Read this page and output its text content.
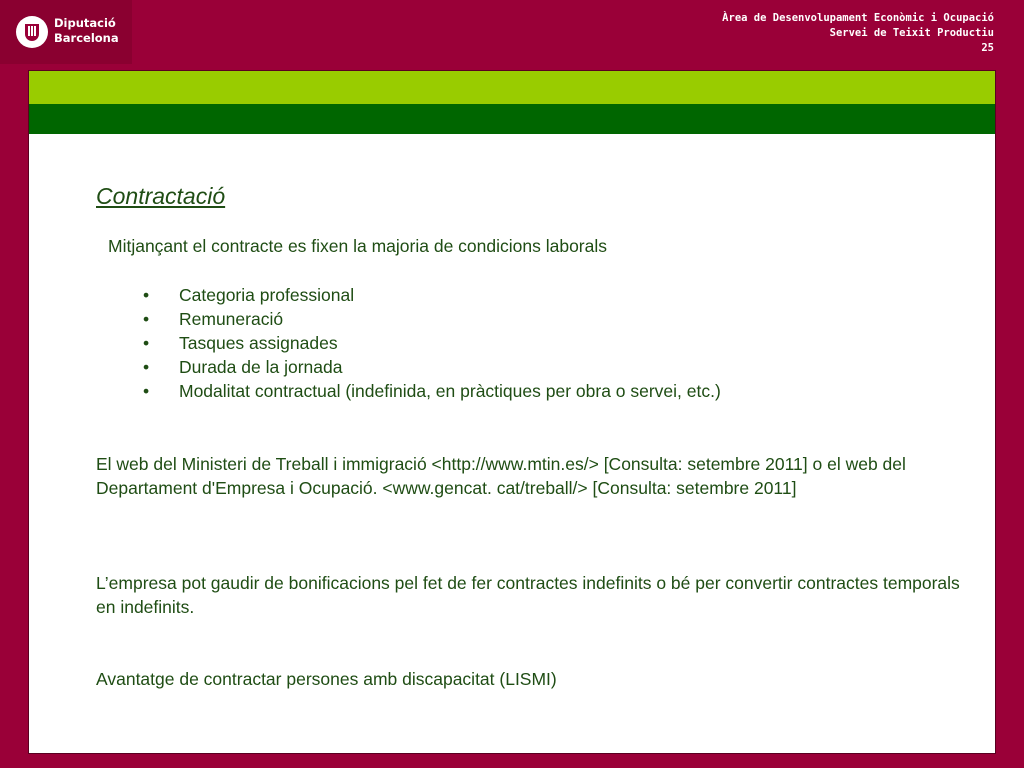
Diputació
Barcelona
Àrea de Desenvolupament Econòmic i Ocupació
Servei de Teixit Productiu
25
Contractació

Mitjançant el contracte es fixen la majoria de condicions laborals

• Categoria professional
• Remuneració
• Tasques assignades
• Durada de la jornada
• Modalitat contractual (indefinida, en pràctiques per obra o servei, etc.)

El web del Ministeri de Treball i immigració <http://www.mtin.es/> [Consulta: setembre 2011] o el web del Departament d'Empresa i Ocupació. <www.gencat. cat/treball/> [Consulta: setembre 2011]

L’empresa pot gaudir de bonificacions pel fet de fer contractes indefinits o bé per convertir contractes temporals en indefinits.

Avantatge de contractar persones amb discapacitat (LISMI)
